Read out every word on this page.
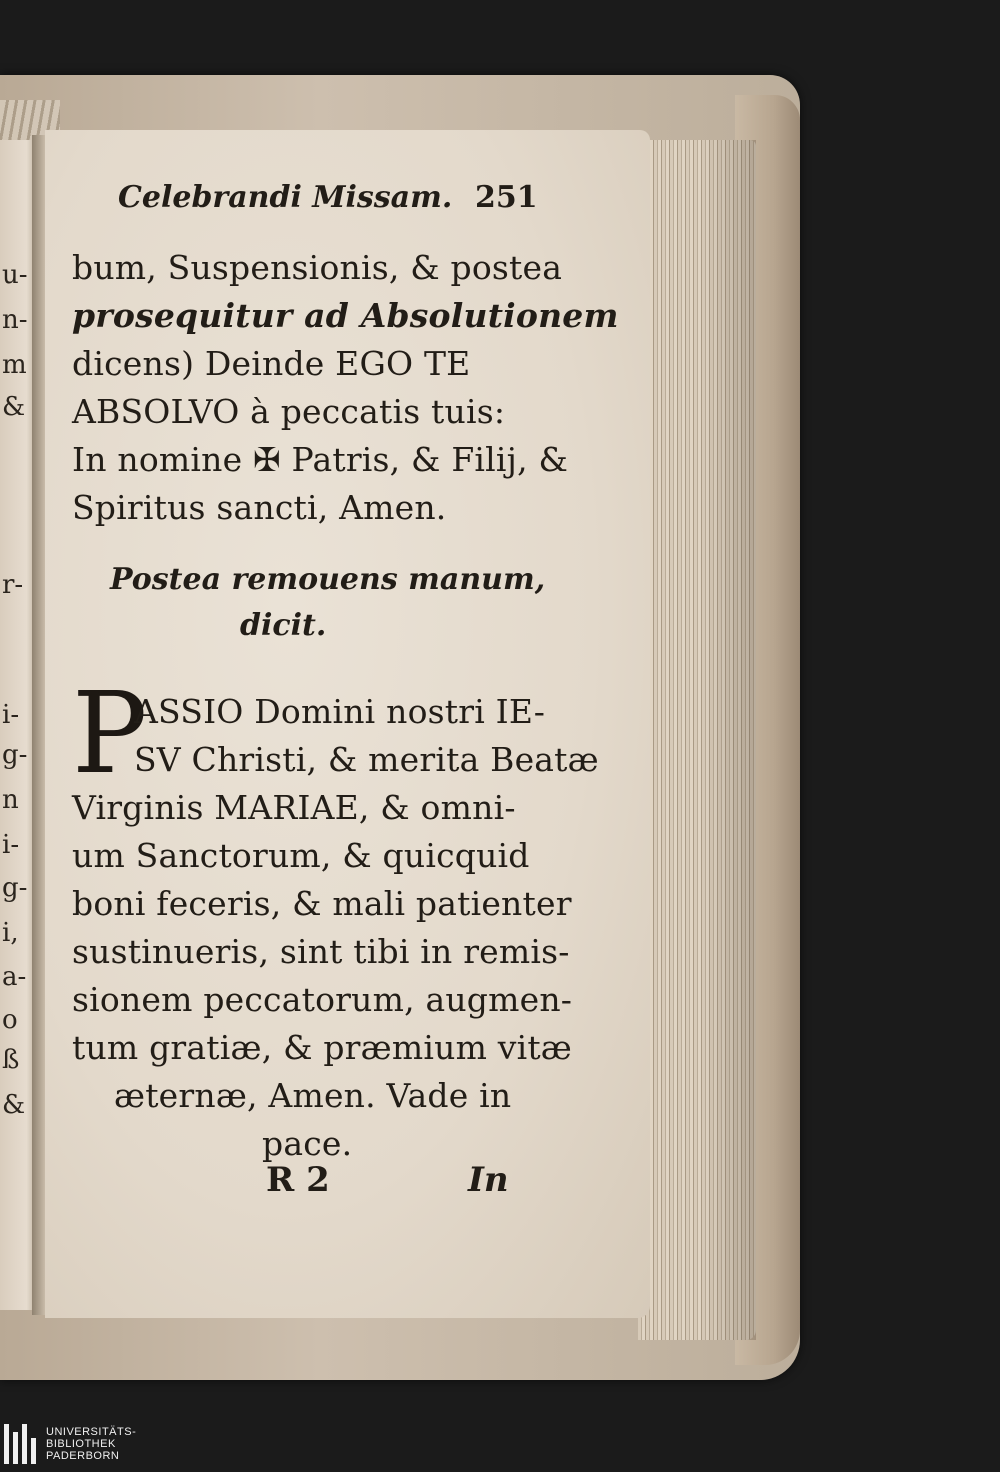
u-
n-
m
&
r-
i-
g-
n
i-
g-
i,
a-
o
ß
&
Celebrandi Missam. 251
bum, Suspensionis, & postea
prosequitur ad Absolutionem
dicens) Deinde EGO TE
ABSOLVO à peccatis tuis:
In nomine ✠ Patris, & Filij, &
Spiritus sancti, Amen.
Postea remouens manum,
dicit.
P
ASSIO Domini nostri IE-
SV Christi, & merita Beatæ
Virginis MARIAE, & omni-
um Sanctorum, & quicquid
boni feceris, & mali patienter
sustinueris, sint tibi in remis-
sionem peccatorum, augmen-
tum gratiæ, & præmium vitæ
æternæ, Amen. Vade in
pace.
R 2	In
UNIVERSITÄTS-
BIBLIOTHEK
PADERBORN
